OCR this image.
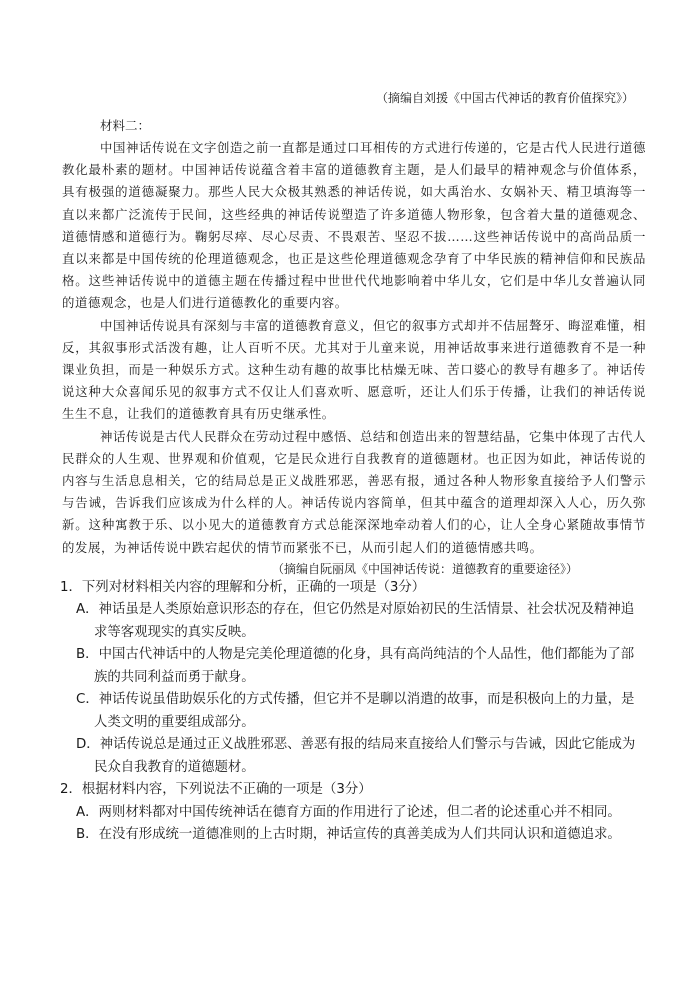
（摘编自刘援《中国古代神话的教育价值探究》）
材料二：

中国神话传说在文字创造之前一直都是通过口耳相传的方式进行传递的，它是古代人民进行道德教化最朴素的题材。中国神话传说蕴含着丰富的道德教育主题，是人们最早的精神观念与价值体系，具有极强的道德凝聚力。那些人民大众极其熟悉的神话传说，如大禹治水、女娲补天、精卫填海等一直以来都广泛流传于民间，这些经典的神话传说塑造了许多道德人物形象，包含着大量的道德观念、道德情感和道德行为。鞠躬尽瘁、尽心尽责、不畏艰苦、坚忍不拔……这些神话传说中的高尚品质一直以来都是中国传统的伦理道德观念，也正是这些伦理道德观念孕育了中华民族的精神信仰和民族品格。这些神话传说中的道德主题在传播过程中世世代代地影响着中华儿女，它们是中华儿女普遍认同的道德观念，也是人们进行道德教化的重要内容。

中国神话传说具有深刻与丰富的道德教育意义，但它的叙事方式却并不佶屈聱牙、晦涩难懂，相反，其叙事形式活泼有趣，让人百听不厌。尤其对于儿童来说，用神话故事来进行道德教育不是一种课业负担，而是一种娱乐方式。这种生动有趣的故事比枯燥无味、苦口婆心的教导有趣多了。神话传说这种大众喜闻乐见的叙事方式不仅让人们喜欢听、愿意听，还让人们乐于传播，让我们的神话传说生生不息，让我们的道德教育具有历史继承性。

神话传说是古代人民群众在劳动过程中感悟、总结和创造出来的智慧结晶，它集中体现了古代人民群众的人生观、世界观和价值观，它是民众进行自我教育的道德题材。也正因为如此，神话传说的内容与生活息息相关，它的结局总是正义战胜邪恶，善恶有报，通过各种人物形象直接给予人们警示与告诫，告诉我们应该成为什么样的人。神话传说内容简单，但其中蕴含的道理却深入人心，历久弥新。这种寓教于乐、以小见大的道德教育方式总能深深地牵动着人们的心，让人全身心紧随故事情节的发展，为神话传说中跌宕起伏的情节而紧张不已，从而引起人们的道德情感共鸣。

（摘编自阮丽凤《中国神话传说：道德教育的重要途径》）

1．下列对材料相关内容的理解和分析，正确的一项是（3分）

A．神话虽是人类原始意识形态的存在，但它仍然是对原始初民的生活情景、社会状况及精神追求等客观现实的真实反映。

B．中国古代神话中的人物是完美伦理道德的化身，具有高尚纯洁的个人品性，他们都能为了部族的共同利益而勇于献身。

C．神话传说虽借助娱乐化的方式传播，但它并不是聊以消遣的故事，而是积极向上的力量，是人类文明的重要组成部分。

D．神话传说总是通过正义战胜邪恶、善恶有报的结局来直接给人们警示与告诫，因此它能成为民众自我教育的道德题材。

2．根据材料内容，下列说法不正确的一项是（3分）

A．两则材料都对中国传统神话在德育方面的作用进行了论述，但二者的论述重心并不相同。

B．在没有形成统一道德准则的上古时期，神话宣传的真善美成为人们共同认识和道德追求。
